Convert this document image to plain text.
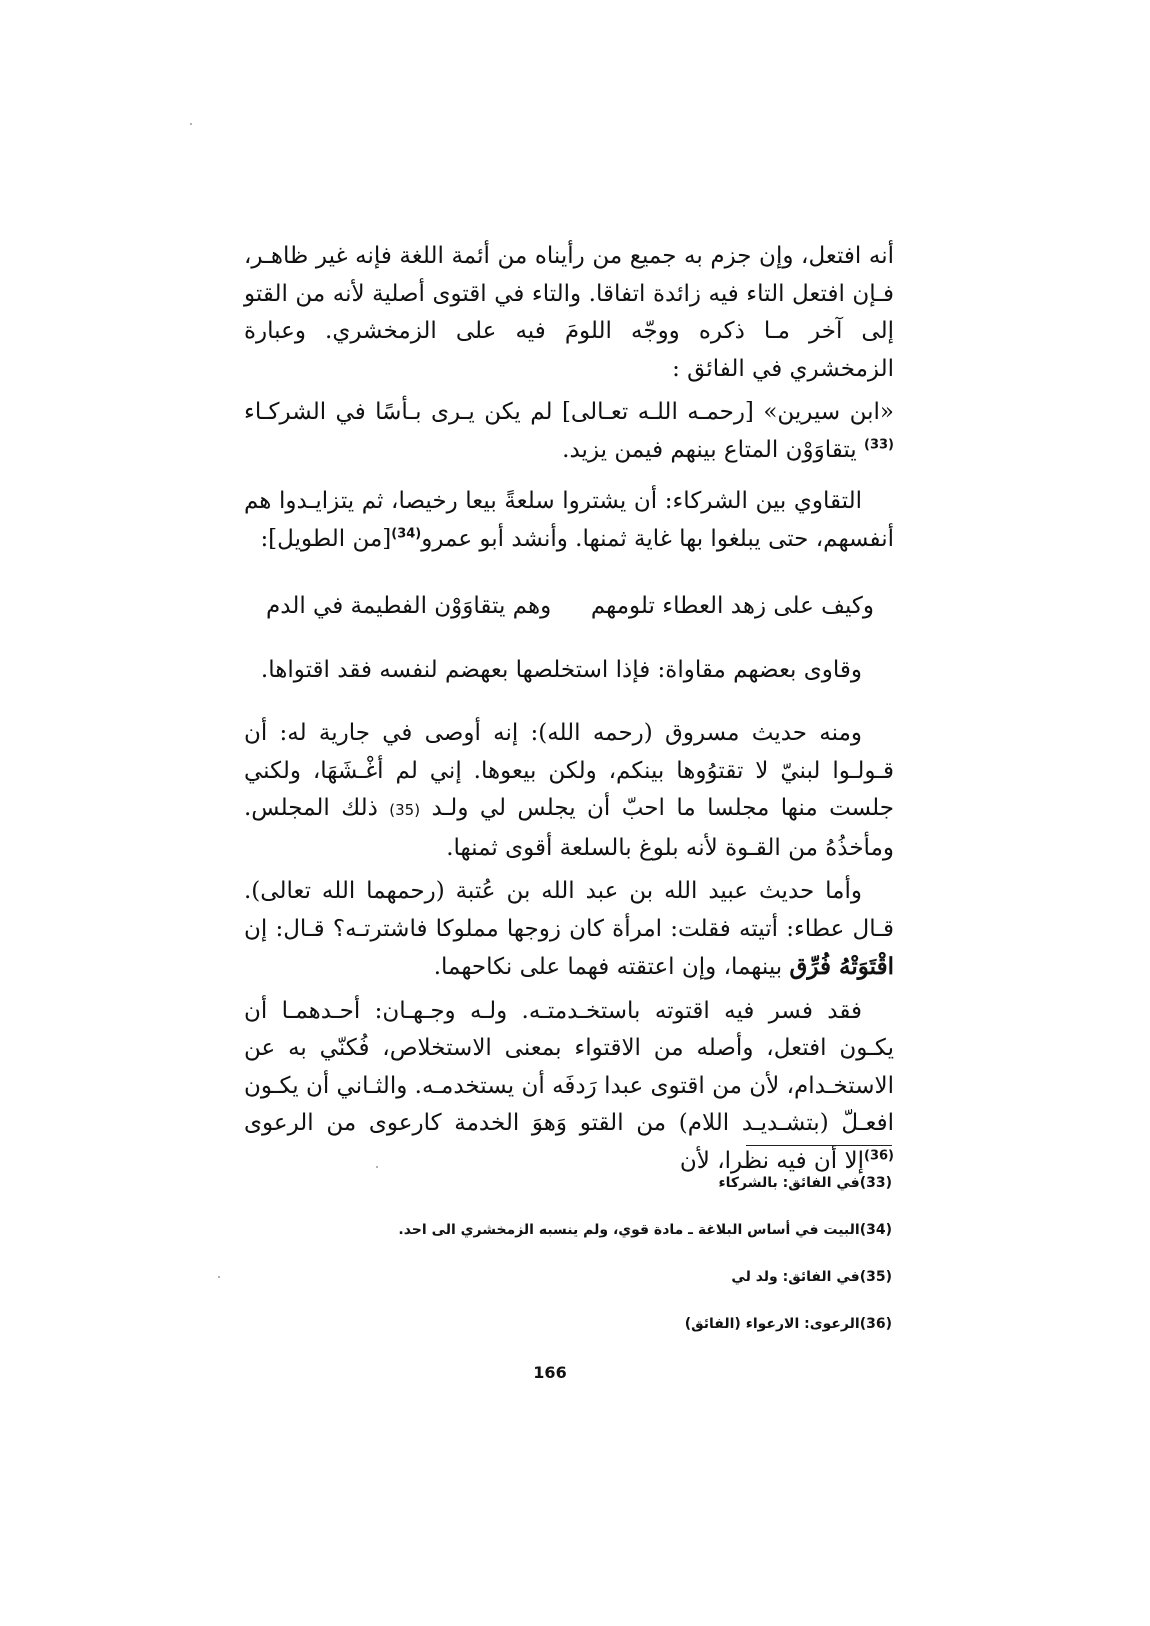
أنه افتعل، وإن جزم به جميع من رأيناه من أئمة اللغة فإنه غير ظاهـر، فـإن افتعل التاء فيه زائدة اتفاقا. والتاء في اقتوى أصلية لأنه من القتو إلى آخر مـا ذكره ووجّه اللومَ فيه على الزمخشري. وعبارة الزمخشري في الفائق :

«ابن سيرين» [رحمـه اللـه تعـالى] لم يكن يـرى بـأسًا في الشركـاء $^{(33)}$ يتقاوَوْن المتاع بينهم فيمن يزيد.

التقاوي بين الشركاء: أن يشتروا سلعةً بيعا رخيصا، ثم يتزايـدوا هم أنفسهم، حتى يبلغوا بها غاية ثمنها. وأنشد أبو عمرو$^{(34)}$[من الطويل]:

وكيف على زهد العطاء تلومهم
وهم يتقاوَوْن الفطيمة في الدم

وقاوى بعضهم مقاواة: فإذا استخلصها بعهضم لنفسه فقد اقتواها.

ومنه حديث مسروق (رحمه الله): إنه أوصى في جارية له: أن قـولـوا لبنيّ لا تقتوُوها بينكم، ولكن بيعوها. إني لم أغْـشَهَا، ولكني جلست منها مجلسا ما احبّ أن يجلس لي ولـد (35) ذلك المجلس. ومأخذُهُ من القـوة لأنه بلوغ بالسلعة أقوى ثمنها.

وأما حديث عبيد الله بن عبد الله بن عُتبة (رحمهما الله تعالى). قـال عطاء: أتيته فقلت: امرأة كان زوجها مملوكا فاشترتـه؟ قـال: إن اقْتَوَتْهُ فُرِّق بينهما، وإن اعتقته فهما على نكاحهما.

فقد فسر فيه اقتوته باستخـدمتـه. ولـه وجـهـان: أحـدهمـا أن يكـون افتعل، وأصله من الاقتواء بمعنى الاستخلاص، فُكنّي به عن الاستخـدام، لأن من اقتوى عبدا رَدفَه أن يستخدمـه. والثـاني أن يكـون افعـلّ (بتشـديـد اللام) من القتو وَهوَ الخدمة كارعوى من الرعوى $^{(36)}$إلا أن فيه نظرا، لأن

(33)في الفائق: بالشركاء
(34)البيت في أساس البلاغة ـ مادة قوي، ولم ينسبه الزمخشري الى احد.
(35)في الفائق: ولد لي
(36)الرعوى: الارعواء (الفائق)
166
